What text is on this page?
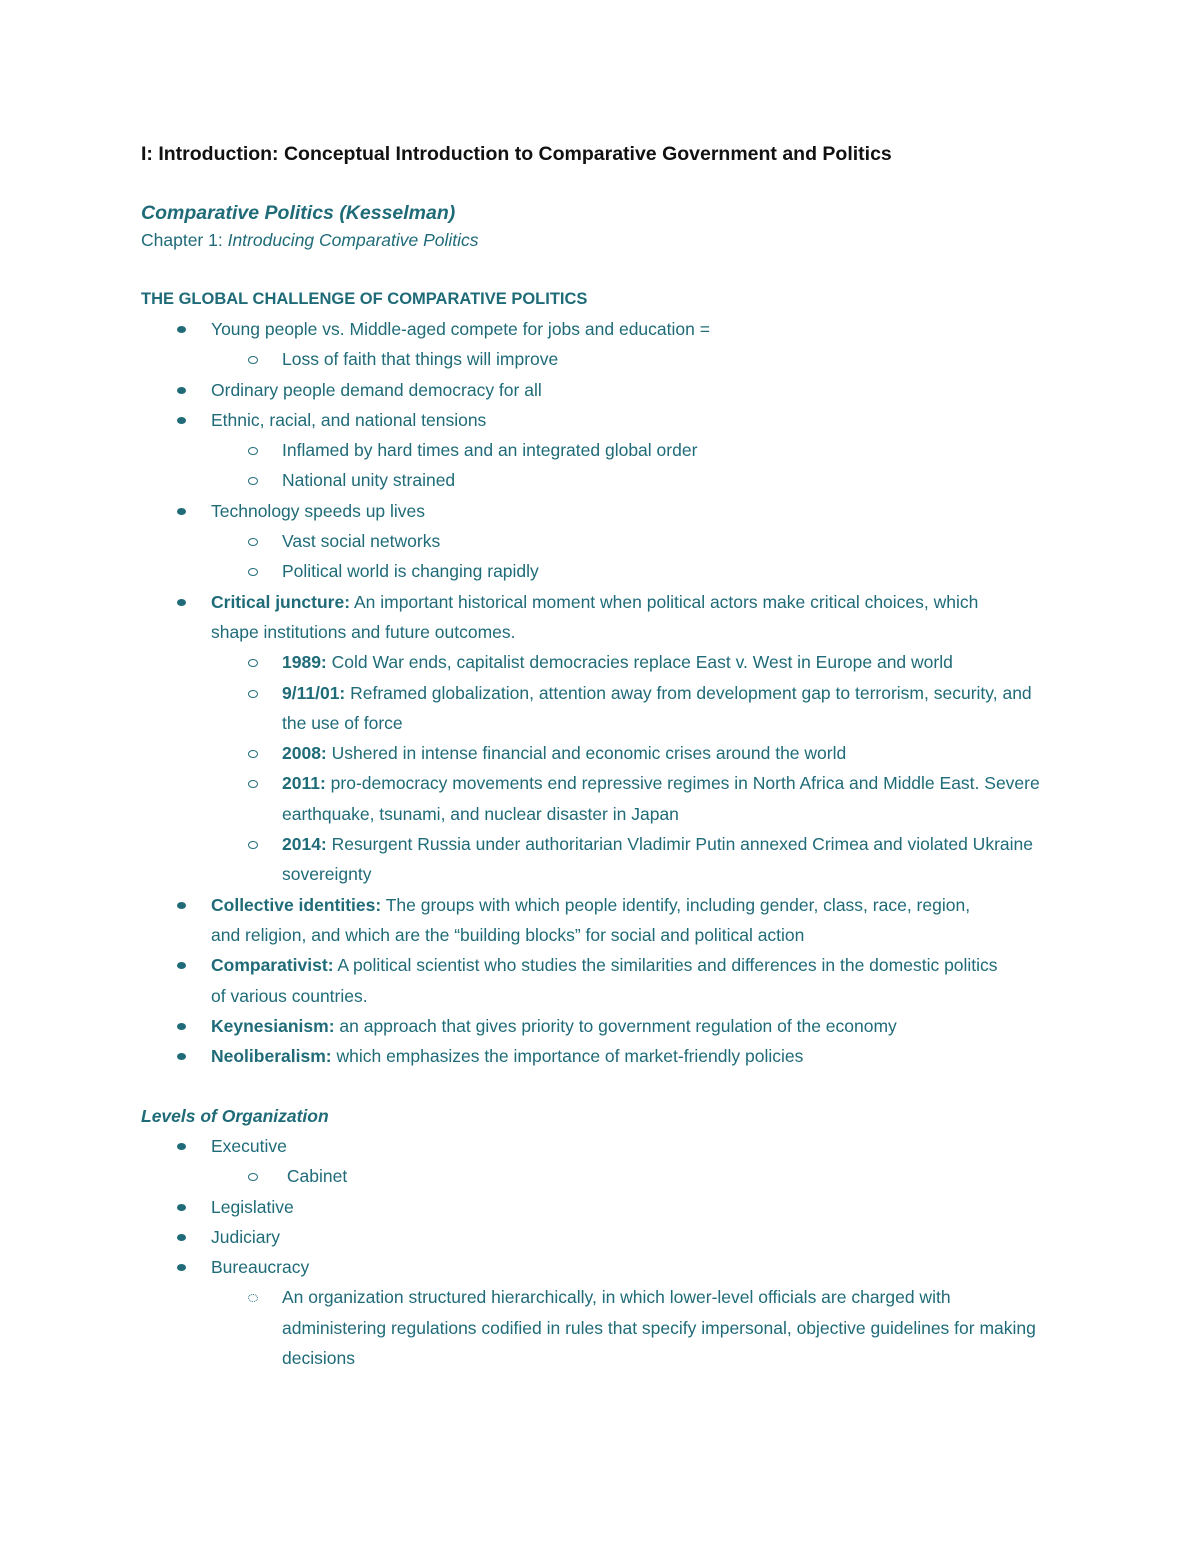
I: Introduction: Conceptual Introduction to Comparative Government and Politics
Comparative Politics (Kesselman)
Chapter 1: Introducing Comparative Politics
THE GLOBAL CHALLENGE OF COMPARATIVE POLITICS
Young people vs. Middle-aged compete for jobs and education =
Loss of faith that things will improve
Ordinary people demand democracy for all
Ethnic, racial, and national tensions
Inflamed by hard times and an integrated global order
National unity strained
Technology speeds up lives
Vast social networks
Political world is changing rapidly
Critical juncture: An important historical moment when political actors make critical choices, which shape institutions and future outcomes.
1989: Cold War ends, capitalist democracies replace East v. West in Europe and world
9/11/01: Reframed globalization, attention away from development gap to terrorism, security, and the use of force
2008: Ushered in intense financial and economic crises around the world
2011: pro-democracy movements end repressive regimes in North Africa and Middle East. Severe earthquake, tsunami, and nuclear disaster in Japan
2014: Resurgent Russia under authoritarian Vladimir Putin annexed Crimea and violated Ukraine sovereignty
Collective identities: The groups with which people identify, including gender, class, race, region, and religion, and which are the “building blocks” for social and political action
Comparativist: A political scientist who studies the similarities and differences in the domestic politics of various countries.
Keynesianism: an approach that gives priority to government regulation of the economy
Neoliberalism: which emphasizes the importance of market-friendly policies
Levels of Organization
Executive
Cabinet
Legislative
Judiciary
Bureaucracy
An organization structured hierarchically, in which lower-level officials are charged with administering regulations codified in rules that specify impersonal, objective guidelines for making decisions
